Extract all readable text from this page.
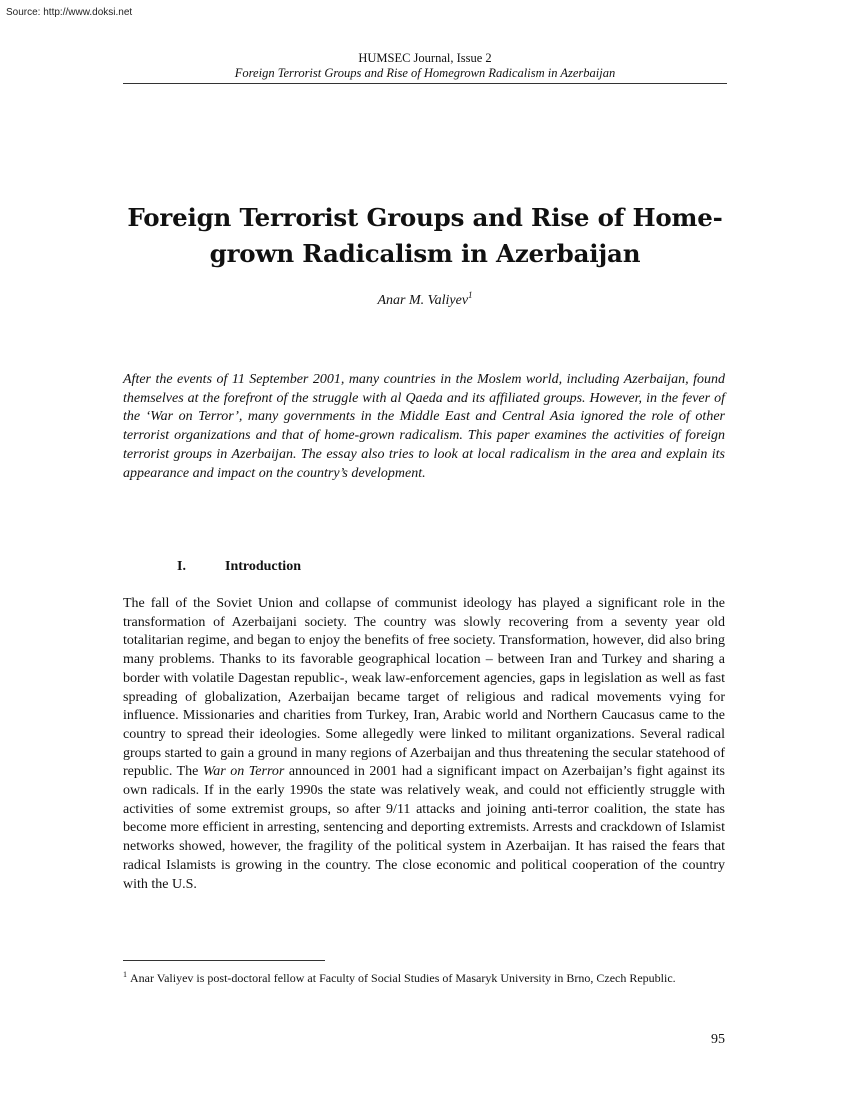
Source: http://www.doksi.net
HUMSEC Journal, Issue 2
Foreign Terrorist Groups and Rise of Homegrown Radicalism in Azerbaijan
Foreign Terrorist Groups and Rise of Home-
grown Radicalism in Azerbaijan
Anar M. Valiyev$^1$

After the events of 11 September 2001, many countries in the Moslem world, including Azerbaijan, found themselves at the forefront of the struggle with al Qaeda and its affiliated groups. However, in the fever of the ‘War on Terror’, many governments in the Middle East and Central Asia ignored the role of other terrorist organizations and that of home-grown radicalism. This paper examines the activities of foreign terrorist groups in Azerbaijan. The essay also tries to look at local radicalism in the area and explain its appearance and impact on the country’s development.

I.	Introduction

The fall of the Soviet Union and collapse of communist ideology has played a significant role in the transformation of Azerbaijani society. The country was slowly recovering from a seventy year old totalitarian regime, and began to enjoy the benefits of free society. Transformation, however, did also bring many problems. Thanks to its favorable geographical location – between Iran and Turkey and sharing a border with volatile Dagestan republic-, weak law-enforcement agencies, gaps in legislation as well as fast spreading of globalization, Azerbaijan became target of religious and radical movements vying for influence. Missionaries and charities from Turkey, Iran, Arabic world and Northern Caucasus came to the country to spread their ideologies. Some allegedly were linked to militant organizations. Several radical groups started to gain a ground in many regions of Azerbaijan and thus threatening the secular statehood of republic. The War on Terror announced in 2001 had a significant impact on Azerbaijan’s fight against its own radicals. If in the early 1990s the state was relatively weak, and could not efficiently struggle with activities of some extremist groups, so after 9/11 attacks and joining anti-terror coalition, the state has become more efficient in arresting, sentencing and deporting extremists. Arrests and crackdown of Islamist networks showed, however, the fragility of the political system in Azerbaijan. It has raised the fears that radical Islamists is growing in the country. The close economic and political cooperation of the country with the U.S.

$^1$ Anar Valiyev is post-doctoral fellow at Faculty of Social Studies of Masaryk University in Brno, Czech Republic.

95
